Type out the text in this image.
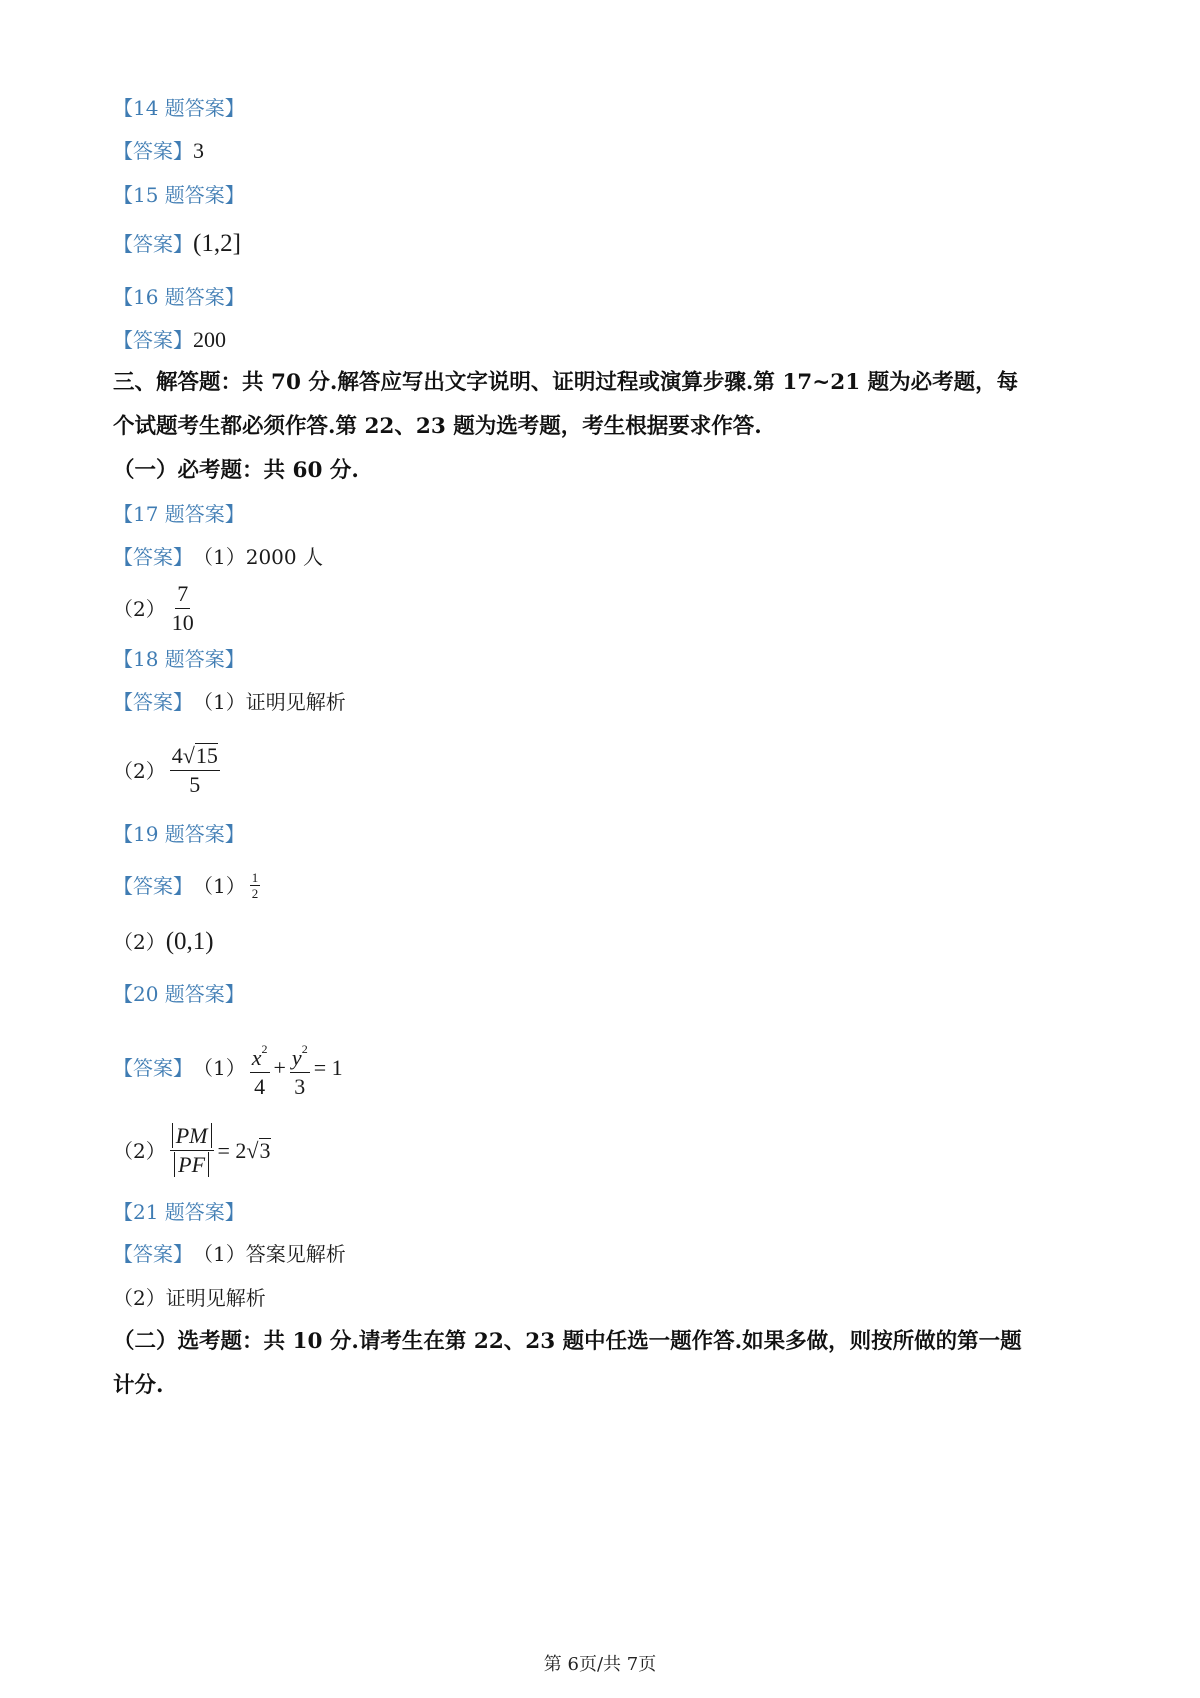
【14 题答案】
【答案】 3
【15 题答案】
【答案】 (1,2]
【16 题答案】
【答案】 200
三、解答题：共 70 分.解答应写出文字说明、证明过程或演算步骤.第 17~21 题为必考题，每
个试题考生都必须作答.第 22、23 题为选考题，考生根据要求作答.
（一）必考题：共 60 分.
【17 题答案】
【答案】 （1）2000 人
$(2) \frac{7}{10}$
【18 题答案】
【答案】 （1）证明见解析
$(2) \frac{4 √ 15}{5}$
【19 题答案】
【答案】 $(1) \frac{1}{2}$
（2） (0,1)
【20 题答案】
【答案】 $(1) \frac{x^2}{4} + \frac{y^2}{3} = 1$
$(2) \frac{PM}{PF} = 2$ √ 3
【21 题答案】
【答案】 （1）答案见解析
（2）证明见解析
（二）选考题：共 10 分.请考生在第 22、23 题中任选一题作答.如果多做，则按所做的第一题
计分.
第 6页/共 7页
